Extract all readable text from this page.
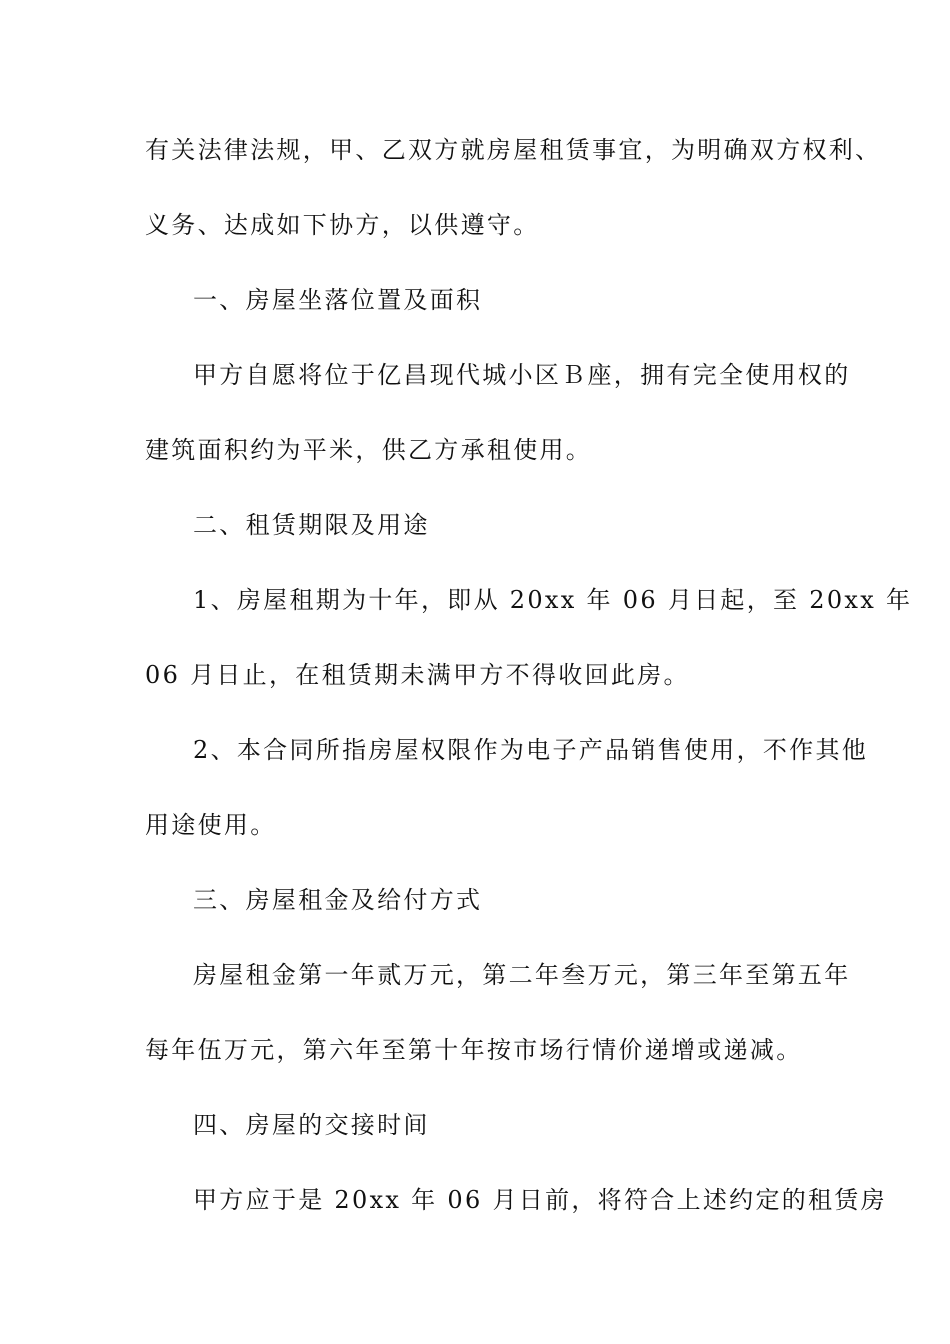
有关法律法规，甲、乙双方就房屋租赁事宜，为明确双方权利、
义务、达成如下协方，以供遵守。
一、房屋坐落位置及面积
甲方自愿将位于亿昌现代城小区Ｂ座，拥有完全使用权的
建筑面积约为平米，供乙方承租使用。
二、租赁期限及用途
1、房屋租期为十年，即从 20xx 年 06 月日起，至 20xx 年
06 月日止，在租赁期未满甲方不得收回此房。
2、本合同所指房屋权限作为电子产品销售使用，不作其他
用途使用。
三、房屋租金及给付方式
房屋租金第一年贰万元，第二年叁万元，第三年至第五年
每年伍万元，第六年至第十年按市场行情价递增或递减。
四、房屋的交接时间
甲方应于是 20xx 年 06 月日前，将符合上述约定的租赁房
